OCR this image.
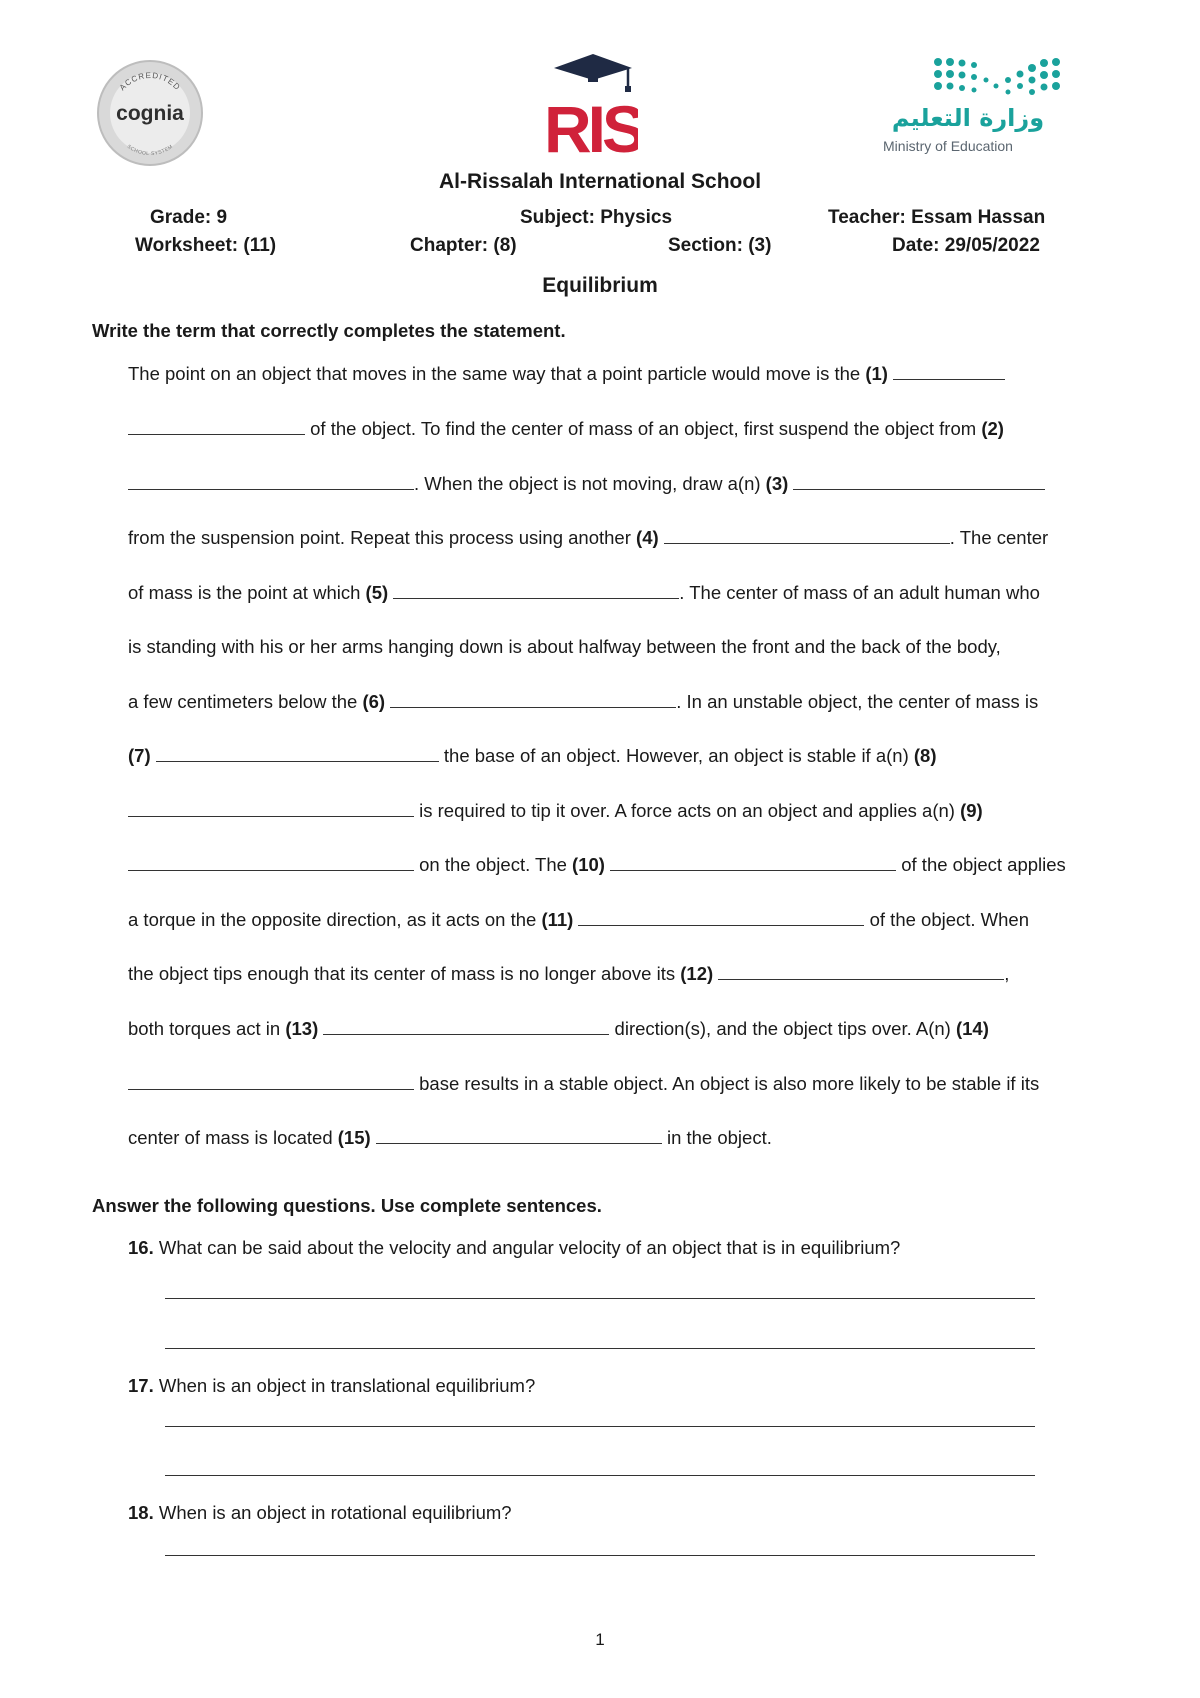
ACCREDITED
SCHOOL SYSTEM
cognia	RIS	وزارة التعليم
Ministry of Education
Al-Rissalah International School
Grade: 9	Subject: Physics	Teacher: Essam Hassan
Worksheet: (11)	Chapter: (8)	Section: (3)	Date: 29/05/2022
Equilibrium
Write the term that correctly completes the statement.
The point on an object that moves in the same way that a point particle would move is the (1)
of the object. To find the center of mass of an object, first suspend the object from (2)
. When the object is not moving, draw a(n) (3)
from the suspension point. Repeat this process using another (4)	. The center
of mass is the point at which (5)	. The center of mass of an adult human who
is standing with his or her arms hanging down is about halfway between the front and the back of the body,
a few centimeters below the (6)	. In an unstable object, the center of mass is
(7)	the base of an object. However, an object is stable if a(n) (8)
is required to tip it over. A force acts on an object and applies a(n) (9)
on the object. The (10)	of the object applies
a torque in the opposite direction, as it acts on the (11)	of the object. When
the object tips enough that its center of mass is no longer above its (12)	,
both torques act in (13)	direction(s), and the object tips over. A(n) (14)
base results in a stable object. An object is also more likely to be stable if its
center of mass is located (15)	in the object.
Answer the following questions. Use complete sentences.
16. What can be said about the velocity and angular velocity of an object that is in equilibrium?
17. When is an object in translational equilibrium?
18. When is an object in rotational equilibrium?
1
